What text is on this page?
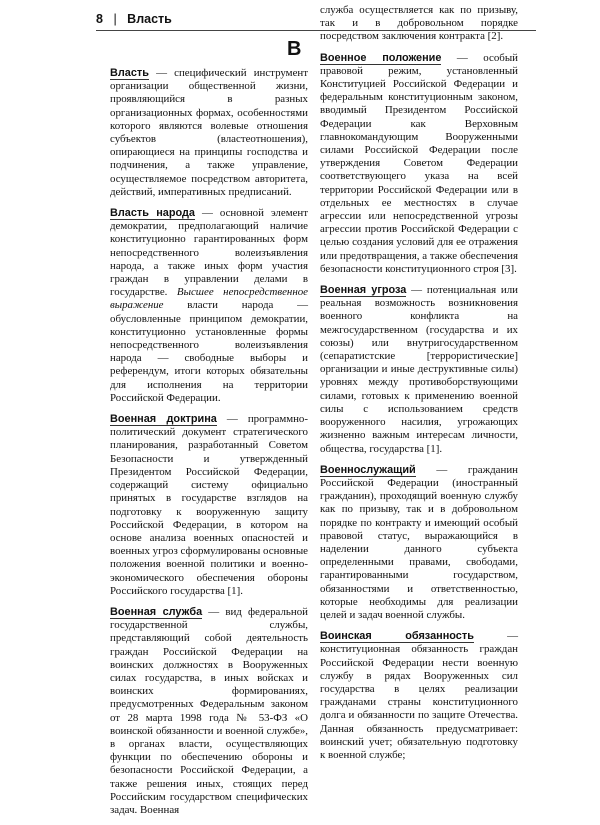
8 | Власть
В

Власть — специфический инструмент организации общественной жизни, проявляющийся в разных организационных формах, особенностями которого являются волевые отношения субъектов (властеотношения), опирающиеся на принципы господства и подчинения, а также управление, осуществляемое посредством авторитета, действий, императивных предписаний.

Власть народа — основной элемент демократии, предполагающий наличие конституционно гарантированных форм непосредственного волеизъявления народа, а также иных форм участия граждан в управлении делами в государстве. Высшее непосредственное выражение власти народа — обусловленные принципом демократии, конституционно установленные формы непосредственного волеизъявления народа — свободные выборы и референдум, итоги которых обязательны для исполнения на территории Российской Федерации.

Военная доктрина — программно-политический документ стратегического планирования, разработанный Советом Безопасности и утвержденный Президентом Российской Федерации, содержащий систему официально принятых в государстве взглядов на подготовку к вооруженную защиту Российской Федерации, в котором на основе анализа военных опасностей и военных угроз сформулированы основные положения военной политики и военно-экономического обеспечения обороны Российского государства [1].

Военная служба — вид федеральной государственной службы, представляющий собой деятельность граждан Российской Федерации на воинских должностях в Вооруженных силах государства, в иных войсках и воинских формированиях, предусмотренных Федеральным законом от 28 марта 1998 года № 53-ФЗ «О воинской обязанности и военной службе», в органах власти, осуществляющих функции по обеспечению обороны и безопасности Российской Федерации, а также решения иных, стоящих перед Российским государством специфических задач. Военная

служба осуществляется как по призыву, так и в добровольном порядке посредством заключения контракта [2].

Военное положение — особый правовой режим, установленный Конституцией Российской Федерации и федеральным конституционным законом, вводимый Президентом Российской Федерации как Верховным главнокомандующим Вооруженными силами Российской Федерации после утверждения Советом Федерации соответствующего указа на всей территории Российской Федерации или в отдельных ее местностях в случае агрессии или непосредственной угрозы агрессии против Российской Федерации с целью создания условий для ее отражения или предотвращения, а также обеспечения безопасности конституционного строя [3].

Военная угроза — потенциальная или реальная возможность возникновения военного конфликта на межгосударственном (государства и их союзы) или внутригосударственном (сепаратистские [террористические] организации и иные деструктивные силы) уровнях между противоборствующими силами, готовых к применению военной силы с использованием средств вооруженного насилия, угрожающих жизненно важным интересам личности, общества, государства [1].

Военнослужащий — гражданин Российской Федерации (иностранный гражданин), проходящий военную службу как по призыву, так и в добровольном порядке по контракту и имеющий особый правовой статус, выражающийся в наделении данного субъекта определенными правами, свободами, гарантированными государством, обязанностями и ответственностью, которые необходимы для реализации целей и задач военной службы.

Воинская обязанность — конституционная обязанность граждан Российской Федерации нести военную службу в рядах Вооруженных сил государства в целях реализации гражданами страны конституционного долга и обязанности по защите Отечества. Данная обязанность предусматривает: воинский учет; обязательную подготовку к военной службе;
